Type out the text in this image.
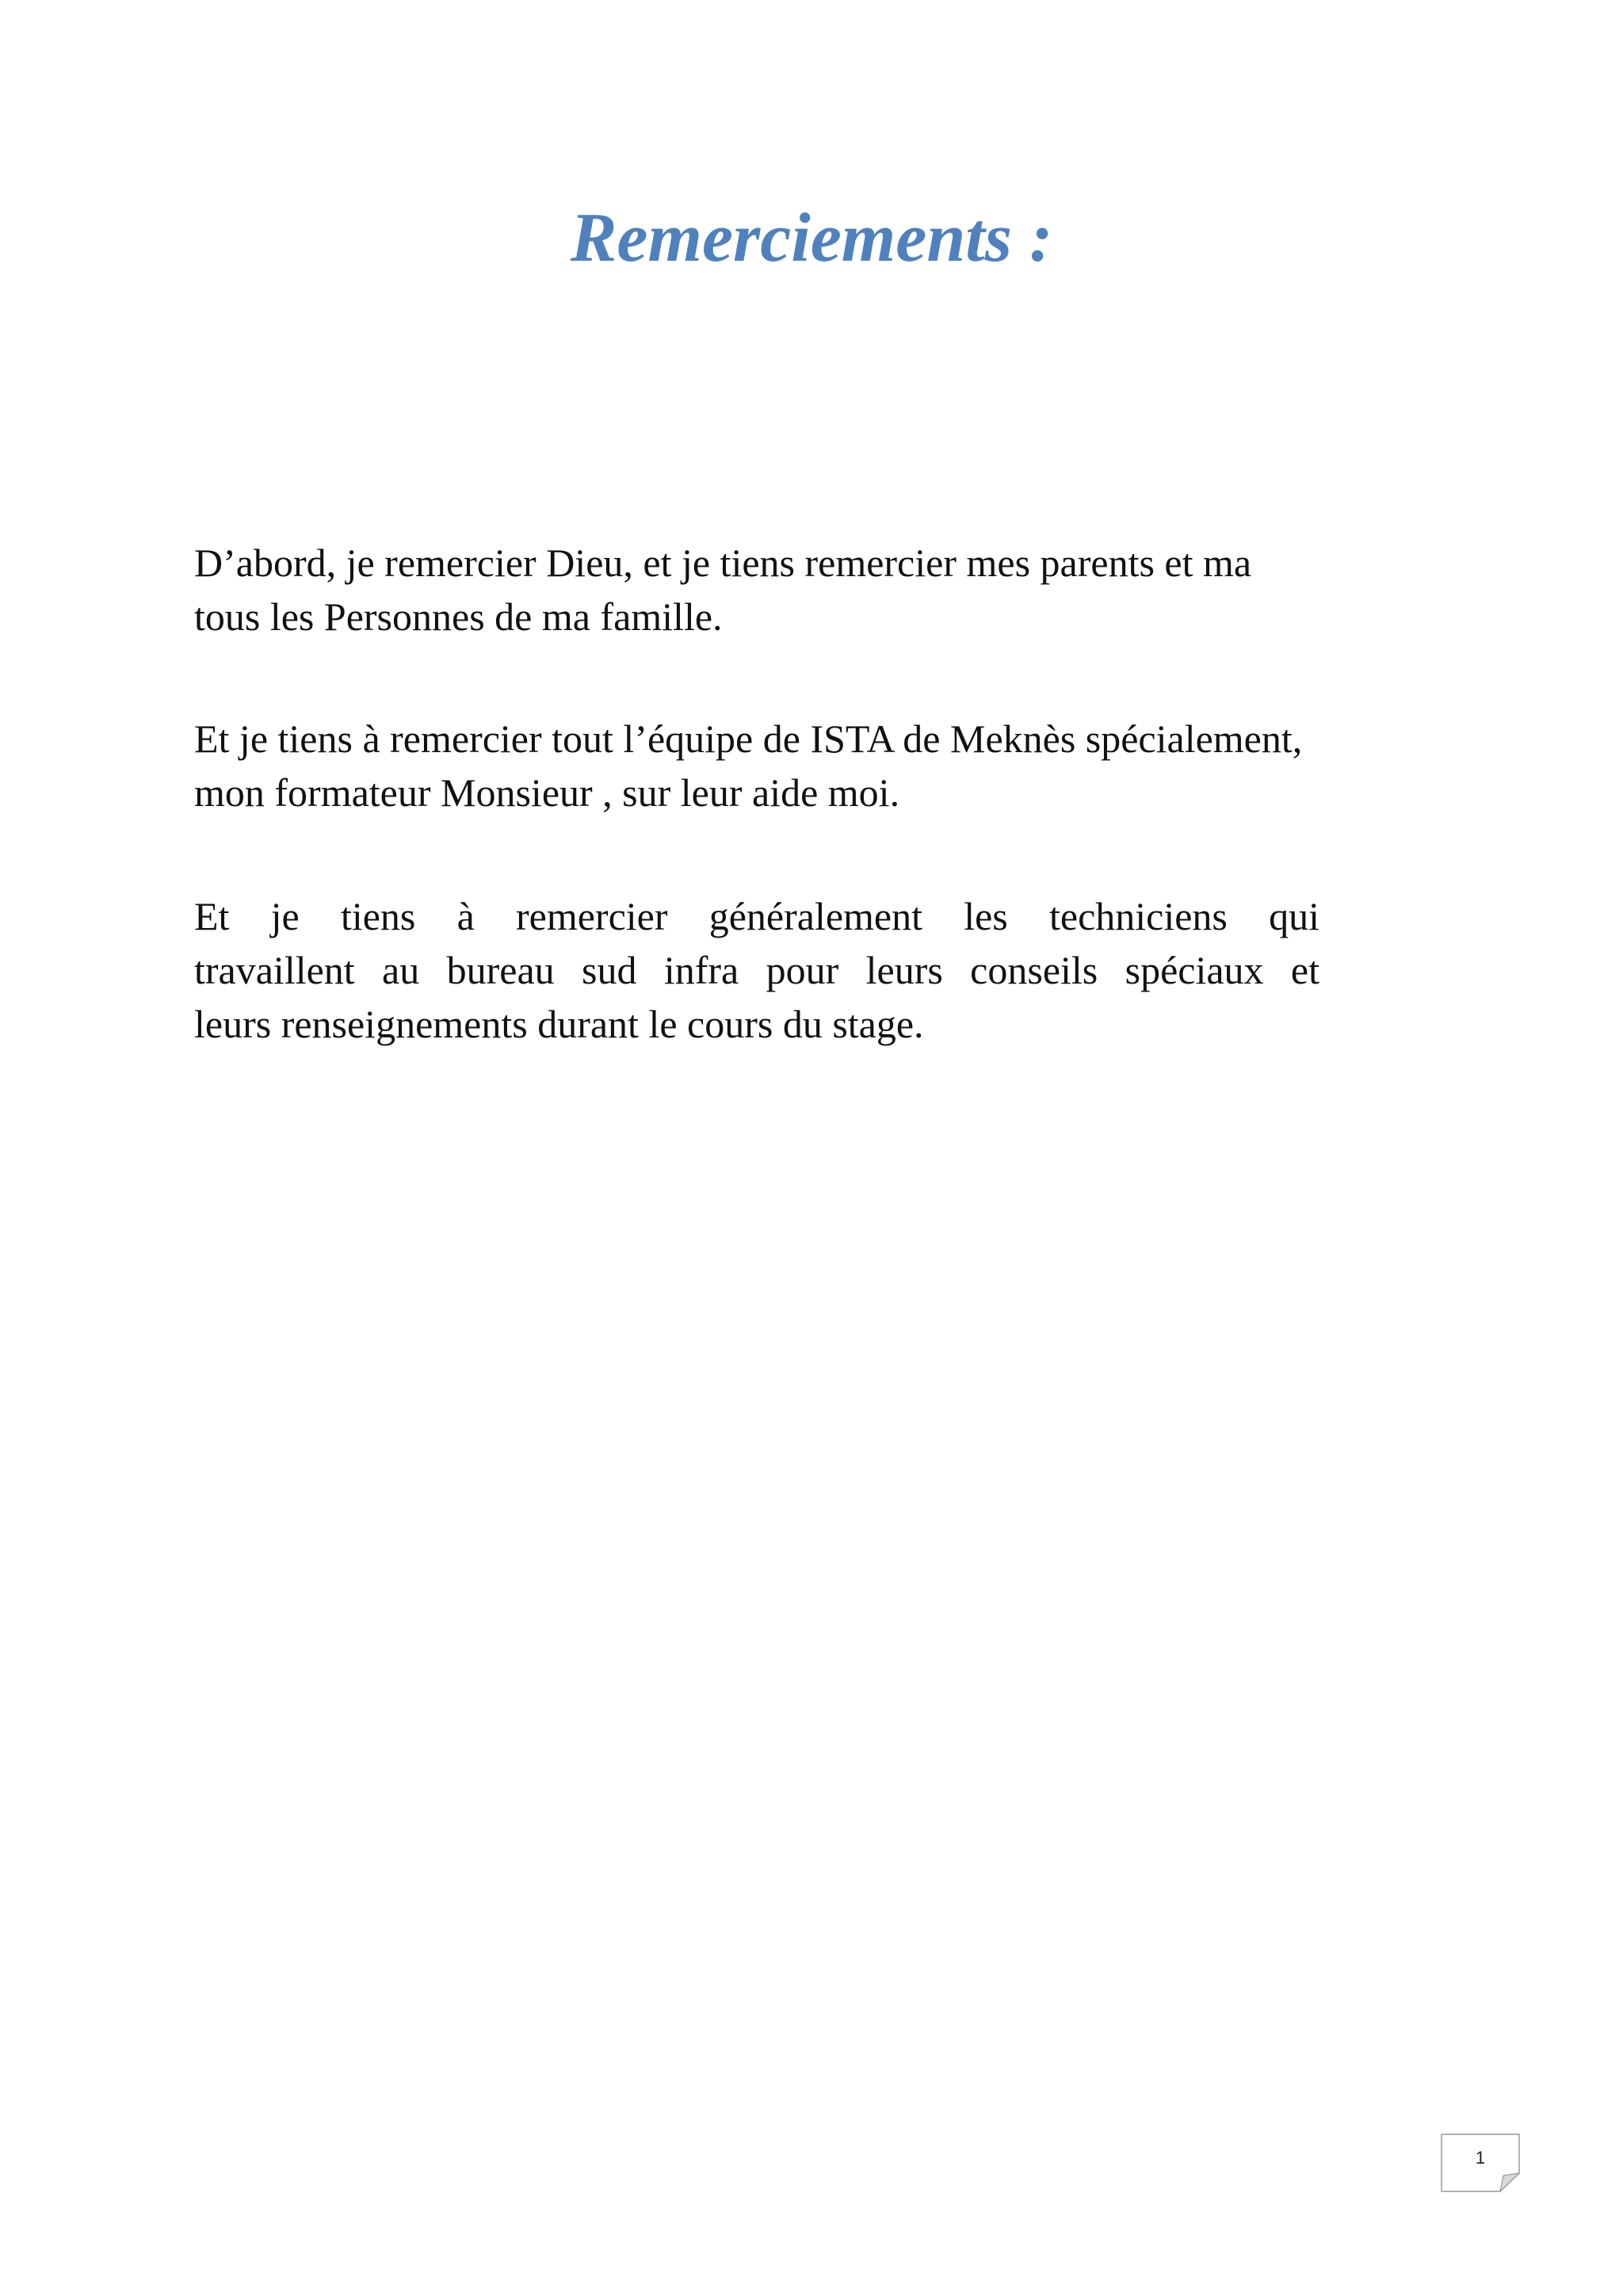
Remerciements :

D’abord, je remercier Dieu, et je tiens remercier mes parents et ma
tous les Personnes de ma famille.

Et je tiens à remercier tout l’équipe de ISTA de Meknès spécialement,
mon formateur Monsieur , sur leur aide moi.

Et je tiens à remercier généralement les techniciens qui
travaillent au bureau sud infra pour leurs conseils spéciaux et
leurs renseignements durant le cours du stage.

1
